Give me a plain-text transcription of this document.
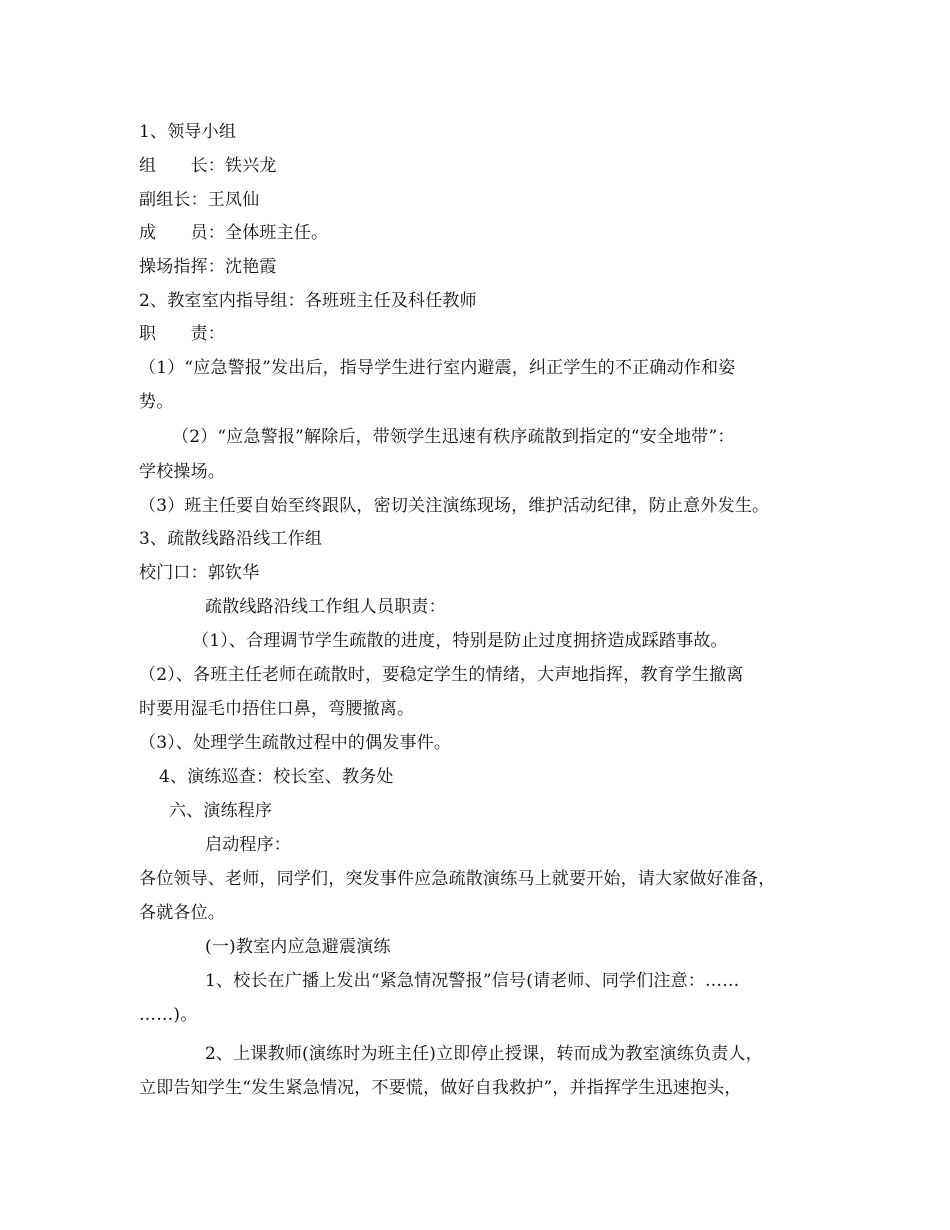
1、领导小组
组　　长：铁兴龙
副组长：王凤仙
成　　员：全体班主任。
操场指挥：沈艳霞
2、教室室内指导组：各班班主任及科任教师
职　　责：
（1）“应急警报”发出后，指导学生进行室内避震，纠正学生的不正确动作和姿
势。
（2）“应急警报”解除后，带领学生迅速有秩序疏散到指定的“安全地带”：
学校操场。
（3）班主任要自始至终跟队，密切关注演练现场，维护活动纪律，防止意外发生。
3、疏散线路沿线工作组
校门口：郭钦华
疏散线路沿线工作组人员职责：
（1）、合理调节学生疏散的进度，特别是防止过度拥挤造成踩踏事故。
（2）、各班主任老师在疏散时，要稳定学生的情绪，大声地指挥，教育学生撤离
时要用湿毛巾捂住口鼻，弯腰撤离。
（3）、处理学生疏散过程中的偶发事件。
4、演练巡查：校长室、教务处
六、演练程序
启动程序：
各位领导、老师，同学们，突发事件应急疏散演练马上就要开始，请大家做好准备，
各就各位。
(一)教室内应急避震演练
1、校长在广播上发出“紧急情况警报”信号(请老师、同学们注意：……
……)。
2、上课教师(演练时为班主任)立即停止授课，转而成为教室演练负责人，
立即告知学生“发生紧急情况，不要慌，做好自我救护”，并指挥学生迅速抱头，
